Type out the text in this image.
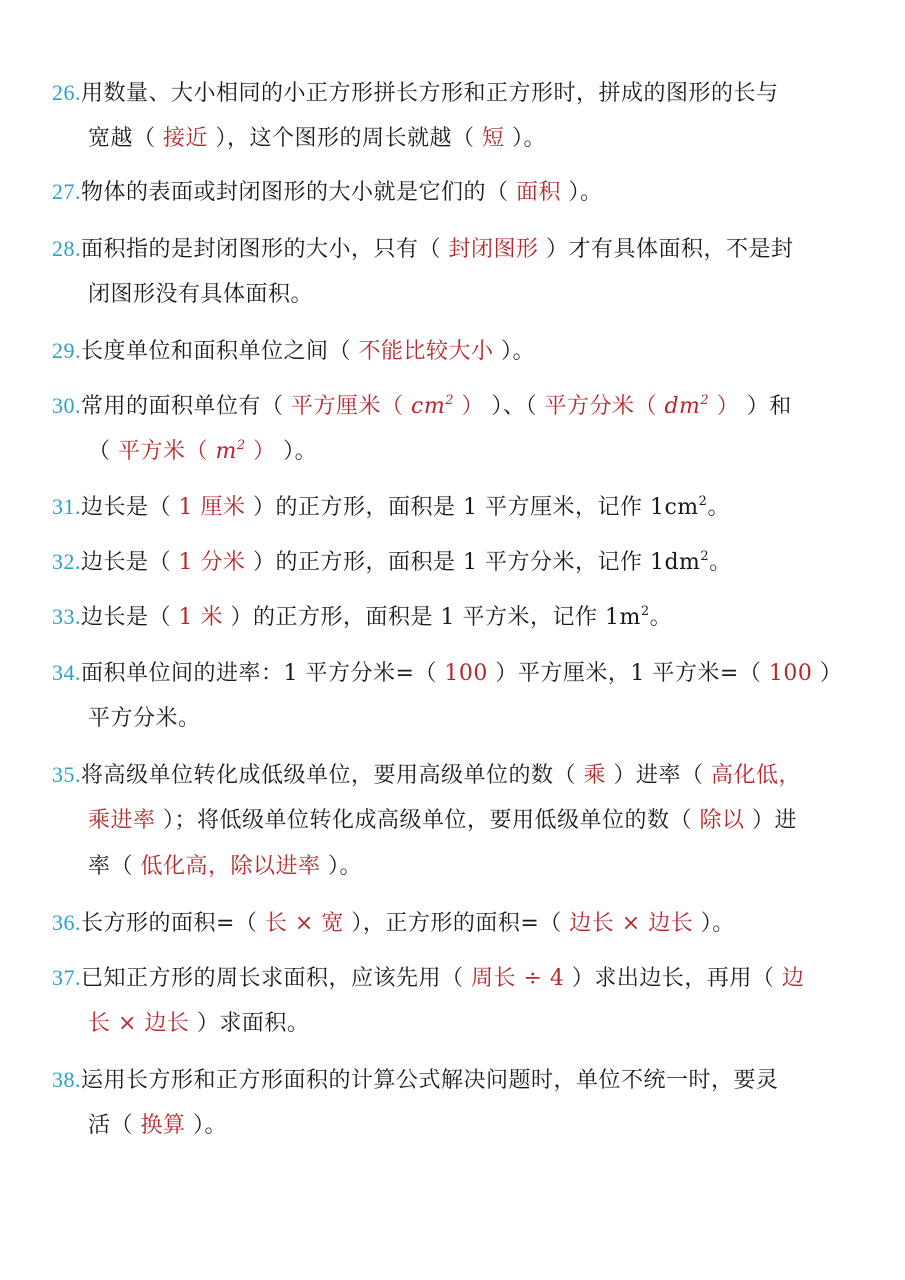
26.用数量、大小相同的小正方形拼长方形和正方形时，拼成的图形的长与
宽越（ 接近 ），这个图形的周长就越（ 短 ）。
27.物体的表面或封闭图形的大小就是它们的（ 面积 ）。
28.面积指的是封闭图形的大小，只有（ 封闭图形 ）才有具体面积，不是封
闭图形没有具体面积。
29.长度单位和面积单位之间（ 不能比较大小 ）。
30.常用的面积单位有（ 平方厘米（ $cm^2$ ） ）、（ 平方分米（ $dm^2$ ） ）和
（ 平方米（ $m^2$ ） ）。
31.边长是（ 1 厘米 ）的正方形，面积是 1 平方厘米，记作 $1cm^2$。
32.边长是（ 1 分米 ）的正方形，面积是 1 平方分米，记作 $1dm^2$。
33.边长是（ 1 米 ）的正方形，面积是 1 平方米，记作 $1m^2$。
34.面积单位间的进率：1 平方分米=（ 100 ）平方厘米，1 平方米=（ 100 ）
平方分米。
35.将高级单位转化成低级单位，要用高级单位的数（ 乘 ）进率（ 高化低，
乘进率 ）；将低级单位转化成高级单位，要用低级单位的数（ 除以 ）进
率（ 低化高，除以进率 ）。
36.长方形的面积=（ 长 × 宽 ），正方形的面积=（ 边长 × 边长 ）。
37.已知正方形的周长求面积，应该先用（ 周长 ÷ 4 ）求出边长，再用（ 边
长 × 边长 ）求面积。
38.运用长方形和正方形面积的计算公式解决问题时，单位不统一时，要灵
活（ 换算 ）。
